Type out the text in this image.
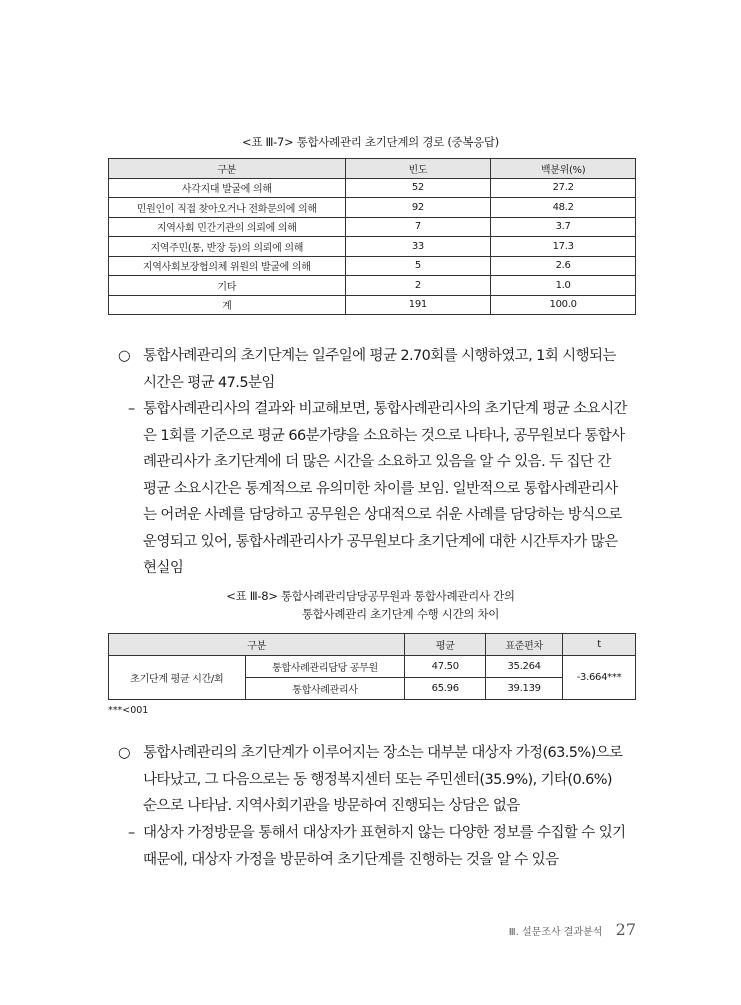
<표 Ⅲ-7> 통합사례관리 초기단계의 경로 (중복응답)
구분	빈도	백분위(%)
사각지대 발굴에 의해	52	27.2
민원인이 직접 찾아오거나 전화문의에 의해	92	48.2
지역사회 민간기관의 의뢰에 의해	7	3.7
지역주민(통, 반장 등)의 의뢰에 의해	33	17.3
지역사회보장협의체 위원의 발굴에 의해	5	2.6
기타	2	1.0
계	191	100.0
○ 통합사례관리의 초기단계는 일주일에 평균 2.70회를 시행하였고, 1회 시행되는
시간은 평균 47.5분임
– 통합사례관리사의 결과와 비교해보면, 통합사례관리사의 초기단계 평균 소요시간
은 1회를 기준으로 평균 66분가량을 소요하는 것으로 나타나, 공무원보다 통합사
례관리사가 초기단계에 더 많은 시간을 소요하고 있음을 알 수 있음. 두 집단 간
평균 소요시간은 통계적으로 유의미한 차이를 보임. 일반적으로 통합사례관리사
는 어려운 사례를 담당하고 공무원은 상대적으로 쉬운 사례를 담당하는 방식으로
운영되고 있어, 통합사례관리사가 공무원보다 초기단계에 대한 시간투자가 많은
현실임
<표 Ⅲ-8> 통합사례관리담당공무원과 통합사례관리사 간의
통합사례관리 초기단계 수행 시간의 차이
구분		평균	표준편차	t
초기단계 평균 시간/회	통합사례관리담당 공무원	47.50	35.264	-3.664***
	통합사례관리사	65.96	39.139	
***<001
○ 통합사례관리의 초기단계가 이루어지는 장소는 대부분 대상자 가정(63.5%)으로
나타났고, 그 다음으로는 동 행정복지센터 또는 주민센터(35.9%), 기타(0.6%)
순으로 나타남. 지역사회기관을 방문하여 진행되는 상담은 없음
– 대상자 가정방문을 통해서 대상자가 표현하지 않는 다양한 정보를 수집할 수 있기
때문에, 대상자 가정을 방문하여 초기단계를 진행하는 것을 알 수 있음
Ⅲ. 설문조사 결과분석 27
